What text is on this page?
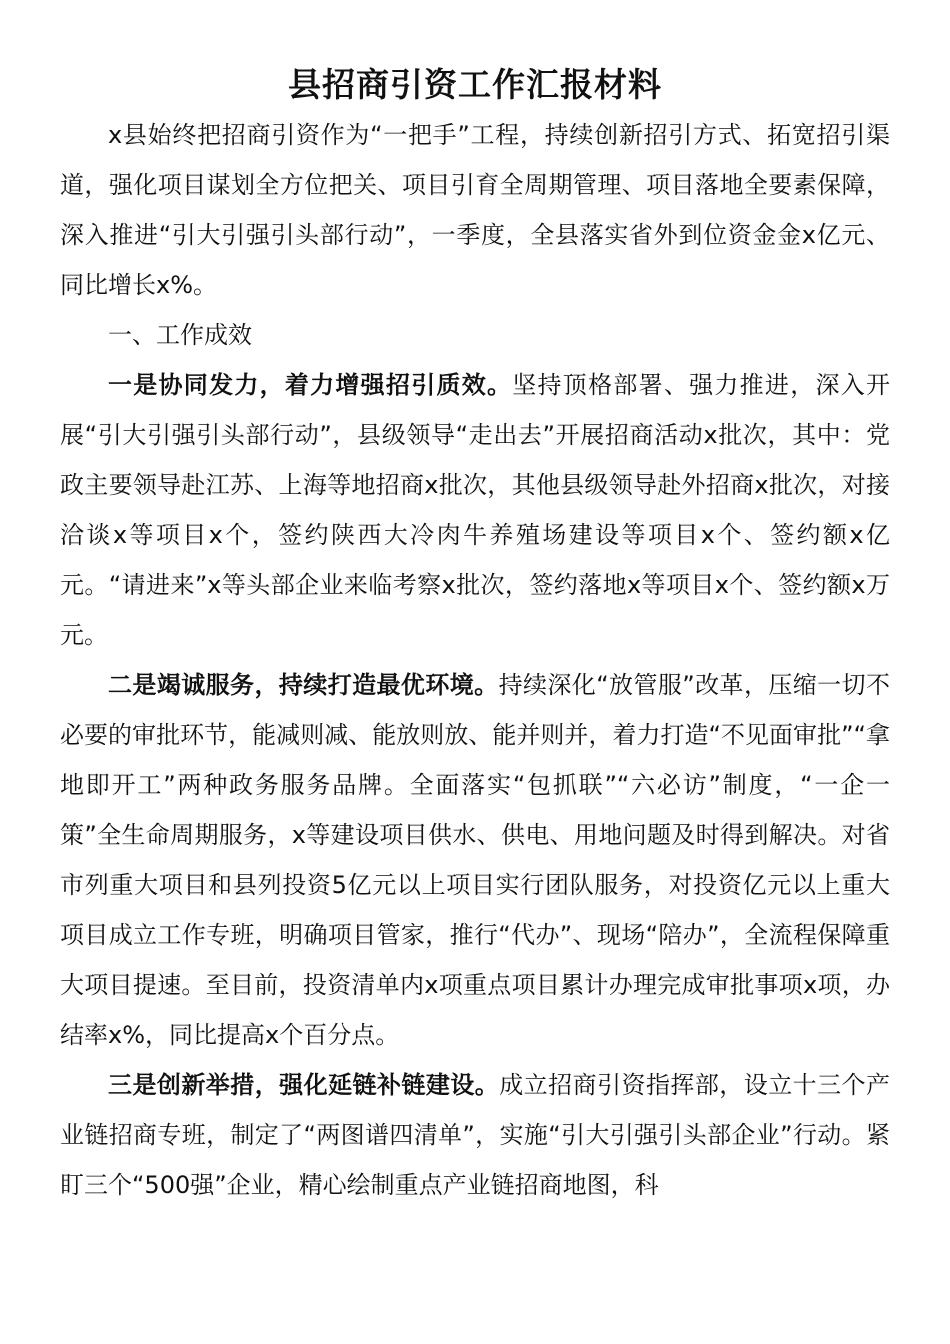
县招商引资工作汇报材料

x县始终把招商引资作为“一把手”工程，持续创新招引方式、拓宽招引渠道，强化项目谋划全方位把关、项目引育全周期管理、项目落地全要素保障，深入推进“引大引强引头部行动”，一季度，全县落实省外到位资金金x亿元、同比增长x%。

一、工作成效

一是协同发力，着力增强招引质效。坚持顶格部署、强力推进，深入开展“引大引强引头部行动”，县级领导“走出去”开展招商活动x批次，其中：党政主要领导赴江苏、上海等地招商x批次，其他县级领导赴外招商x批次，对接洽谈x等项目x个，签约陕西大冷肉牛养殖场建设等项目x个、签约额x亿元。“请进来”x等头部企业来临考察x批次，签约落地x等项目x个、签约额x万元。

二是竭诚服务，持续打造最优环境。持续深化“放管服”改革，压缩一切不必要的审批环节，能减则减、能放则放、能并则并，着力打造“不见面审批”“拿地即开工”两种政务服务品牌。全面落实“包抓联”“六必访”制度，“一企一策”全生命周期服务，x等建设项目供水、供电、用地问题及时得到解决。对省市列重大项目和县列投资5亿元以上项目实行团队服务，对投资亿元以上重大项目成立工作专班，明确项目管家，推行“代办”、现场“陪办”，全流程保障重大项目提速。至目前，投资清单内x项重点项目累计办理完成审批事项x项，办结率x%，同比提高x个百分点。

三是创新举措，强化延链补链建设。成立招商引资指挥部，设立十三个产业链招商专班，制定了“两图谱四清单”，实施“引大引强引头部企业”行动。紧盯三个“500强”企业，精心绘制重点产业链招商地图，科
